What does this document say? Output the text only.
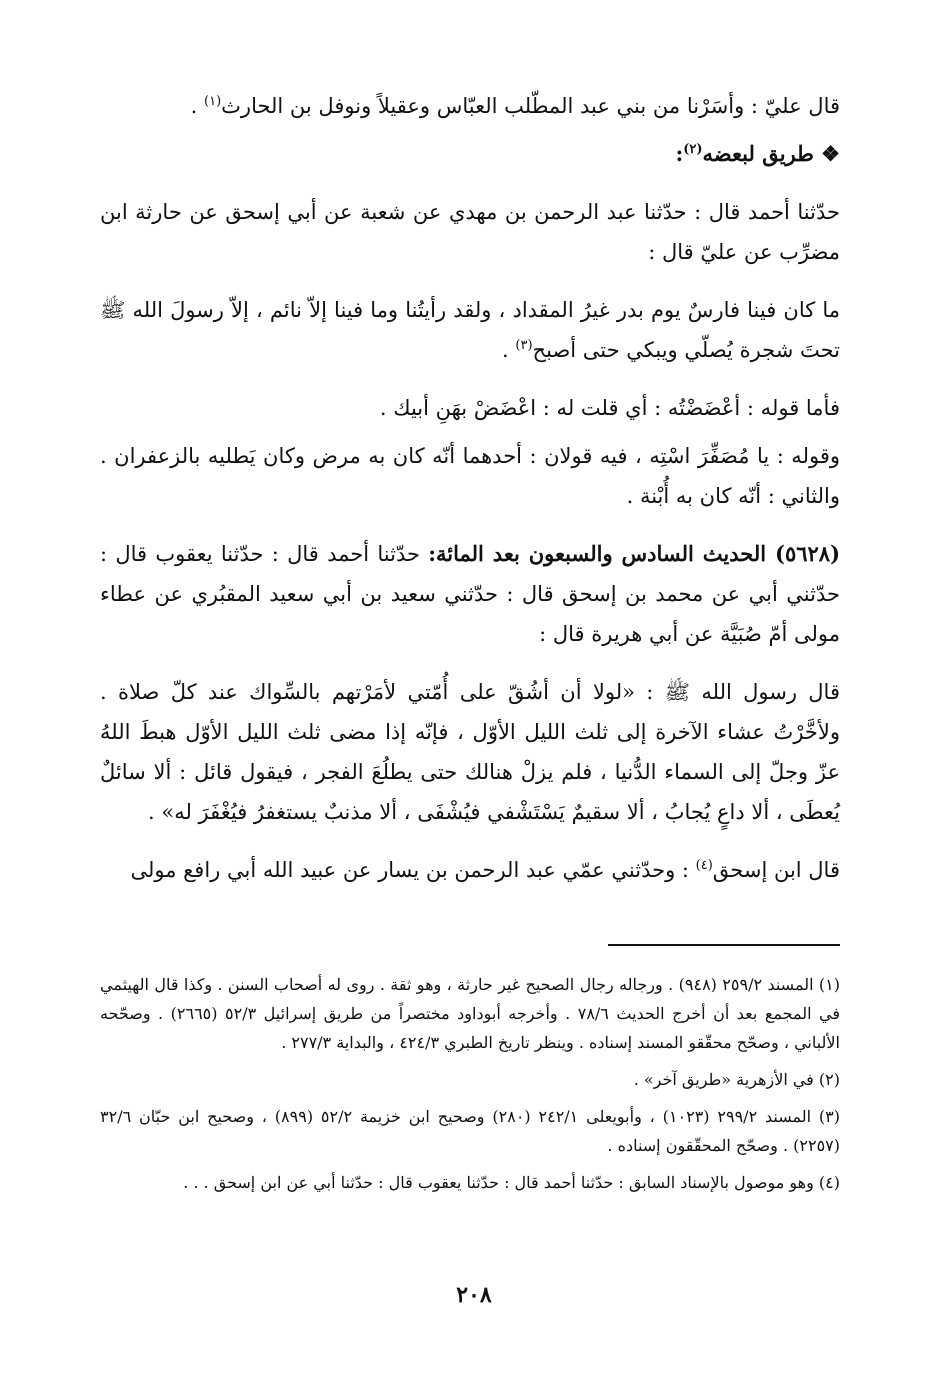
قال عليّ : وأسَرْنا من بني عبد المطّلب العبّاس وعقيلاً ونوفل بن الحارث$^{(١)}$ .

❖ طريق لبعضه$^{(٢)}$:

حدّثنا أحمد قال : حدّثنا عبد الرحمن بن مهدي عن شعبة عن أبي إسحق عن حارثة ابن مضرِّب عن عليّ قال :

ما كان فينا فارسٌ يوم بدر غيرُ المقداد ، ولقد رأيتُنا وما فينا إلاّ نائم ، إلاّ رسولَ الله ﷺ تحتَ شجرة يُصلّي ويبكي حتى أصبح$^{(٣)}$ .

فأما قوله : أعْضَضْتُه : أي قلت له : اعْضَضْ بهَنِ أبيك .

وقوله : يا مُصَفِّرَ اسْتِه ، فيه قولان : أحدهما أنّه كان به مرض وكان يَطليه بالزعفران . والثاني : أنّه كان به أُبْنة .

(٥٦٢٨) الحديث السادس والسبعون بعد المائة: حدّثنا أحمد قال : حدّثنا يعقوب قال : حدّثني أبي عن محمد بن إسحق قال : حدّثني سعيد بن أبي سعيد المقبُري عن عطاء مولى أمّ صُبَيَّة عن أبي هريرة قال :

قال رسول الله ﷺ : «لولا أن أشُقّ على أُمّتي لأمَرْتهم بالسِّواك عند كلّ صلاة . ولأخَّرْتُ عشاء الآخرة إلى ثلث الليل الأوّل ، فإنّه إذا مضى ثلث الليل الأوّل هبطَ اللهُ عزّ وجلّ إلى السماء الدُّنيا ، فلم يزلْ هنالك حتى يطلُعَ الفجر ، فيقول قائل : ألا سائلٌ يُعطَى ، ألا داعٍ يُجابُ ، ألا سقيمٌ يَسْتَشْفي فيُشْفَى ، ألا مذنبٌ يستغفرُ فيُغْفَرَ له» .

قال ابن إسحق$^{(٤)}$ : وحدّثني عمّي عبد الرحمن بن يسار عن عبيد الله أبي رافع مولى

(١) المسند ٢٥٩/٢ (٩٤٨) . ورجاله رجال الصحيح غير حارثة ، وهو ثقة . روى له أصحاب السنن . وكذا قال الهيثمي في المجمع بعد أن أخرج الحديث ٧٨/٦ . وأخرجه أبوداود مختصراً من طريق إسرائيل ٥٢/٣ (٢٦٦٥) . وصحّحه الألباني ، وصحّح محقّقو المسند إسناده . وينظر تاريخ الطبري ٤٢٤/٣ ، والبداية ٢٧٧/٣ .

(٢) في الأزهرية «طريق آخر» .

(٣) المسند ٢٩٩/٢ (١٠٢٣) ، وأبويعلى ٢٤٢/١ (٢٨٠) وصحيح ابن خزيمة ٥٢/٢ (٨٩٩) ، وصحيح ابن حبّان ٣٢/٦ (٢٢٥٧) . وصحّح المحقّقون إسناده .

(٤) وهو موصول بالإسناد السابق : حدّثنا أحمد قال : حدّثنا يعقوب قال : حدّثنا أبي عن ابن إسحق . . .

٢٠٨
